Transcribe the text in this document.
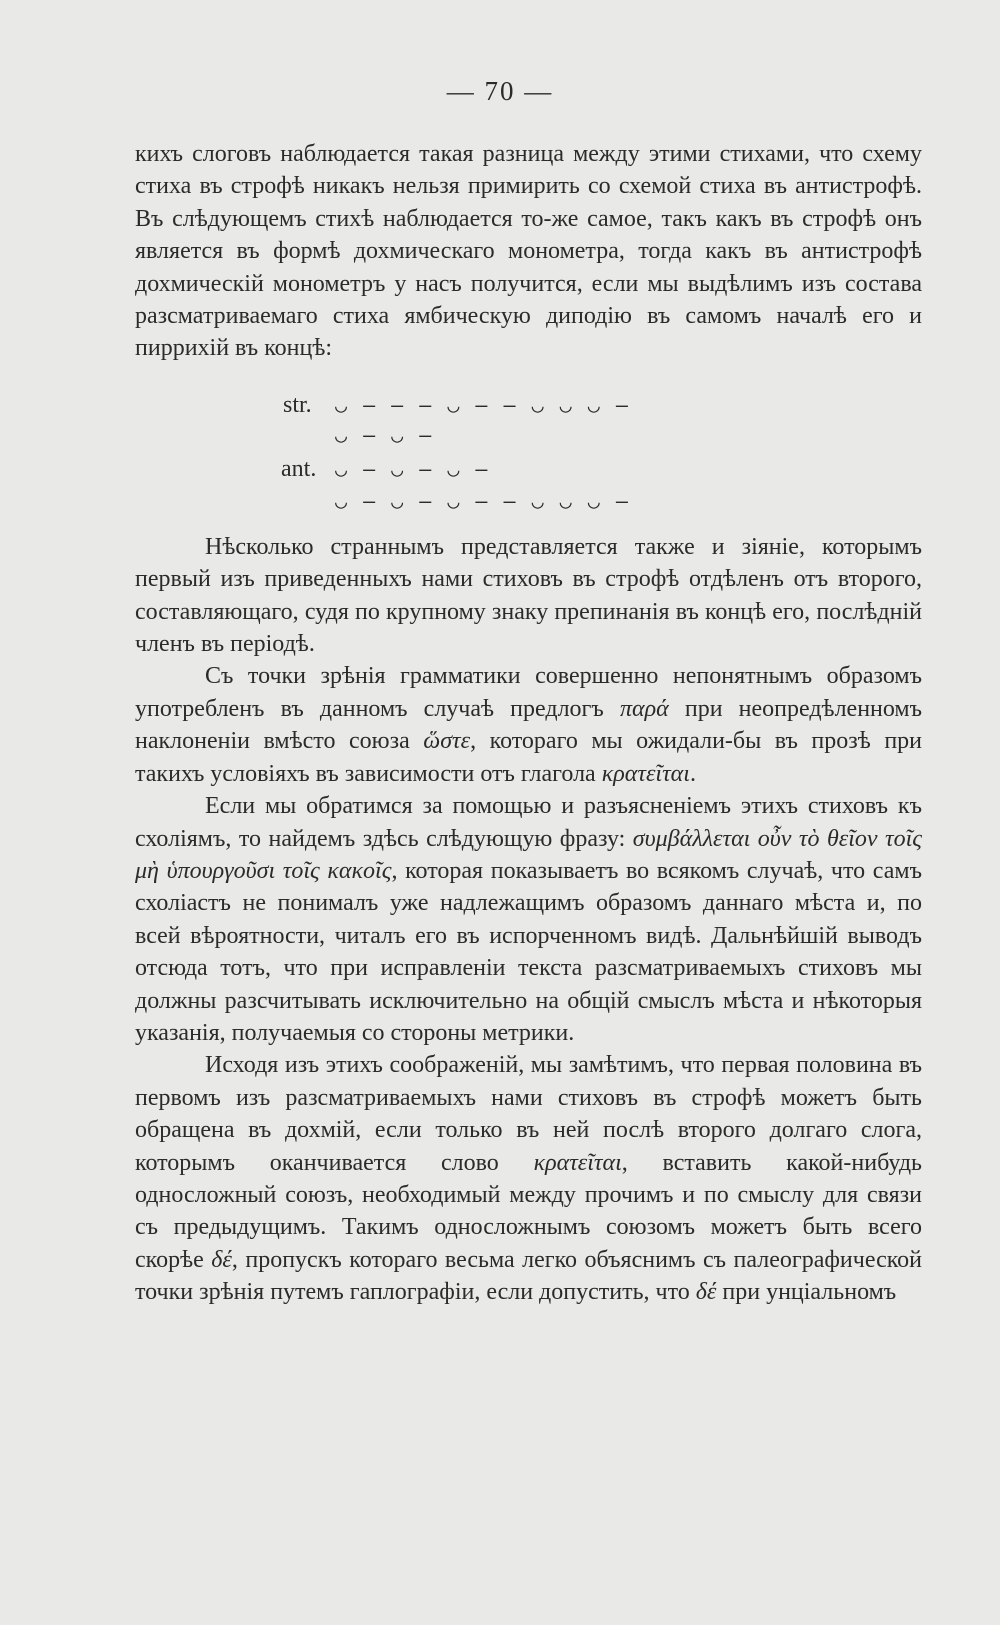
— 70 —

кихъ слоговъ наблюдается такая разница между этими стихами, что схему стиха въ строфѣ никакъ нельзя примирить со схемой стиха въ антистрофѣ. Въ слѣдующемъ стихѣ наблюдается то-же самое, такъ какъ въ строфѣ онъ является въ формѣ дохмическаго монометра, тогда какъ въ антистрофѣ дохмическій монометръ у насъ получится, если мы выдѣлимъ изъ состава разсматриваемаго стиха ямбическую диподію въ самомъ началѣ его и пиррихій въ концѣ:

str. ◡ — — — ◡ — — ◡ ◡ ◡ —
◡ — ◡ —
ant. ◡ — ◡ — ◡ —
◡ — ◡ — ◡ — — ◡ ◡ ◡ —

Нѣсколько страннымъ представляется также и зіяніе, которымъ первый изъ приведенныхъ нами стиховъ въ строфѣ отдѣленъ отъ второго, составляющаго, судя по крупному знаку препинанія въ концѣ его, послѣдній членъ въ періодѣ.

Съ точки зрѣнія грамматики совершенно непонятнымъ образомъ употребленъ въ данномъ случаѣ предлогъ παρά при неопредѣленномъ наклоненіи вмѣсто союза ὥστε, котораго мы ожидали-бы въ прозѣ при такихъ условіяхъ въ зависимости отъ глагола κρατεῖται.

Если мы обратимся за помощью и разъясненіемъ этихъ стиховъ къ схоліямъ, то найдемъ здѣсь слѣдующую фразу: συμβάλλεται οὖν τὸ θεῖον τοῖς μὴ ὑπουργοῦσι τοῖς κακοῖς, которая показываетъ во всякомъ случаѣ, что самъ схоліастъ не понималъ уже надлежащимъ образомъ даннаго мѣста и, по всей вѣроятности, читалъ его въ испорченномъ видѣ. Дальнѣйшій выводъ отсюда тотъ, что при исправленіи текста разсматриваемыхъ стиховъ мы должны разсчитывать исключительно на общій смыслъ мѣста и нѣкоторыя указанія, получаемыя со стороны метрики.

Исходя изъ этихъ соображеній, мы замѣтимъ, что первая половина въ первомъ изъ разсматриваемыхъ нами стиховъ въ строфѣ можетъ быть обращена въ дохмій, если только въ ней послѣ второго долгаго слога, которымъ оканчивается слово κρατεῖται, вставить какой-нибудь односложный союзъ, необходимый между прочимъ и по смыслу для связи съ предыдущимъ. Такимъ односложнымъ союзомъ можетъ быть всего скорѣе δέ, пропускъ котораго весьма легко объяснимъ съ палеографической точки зрѣнія путемъ гаплографіи, если допустить, что δέ при унціальномъ
